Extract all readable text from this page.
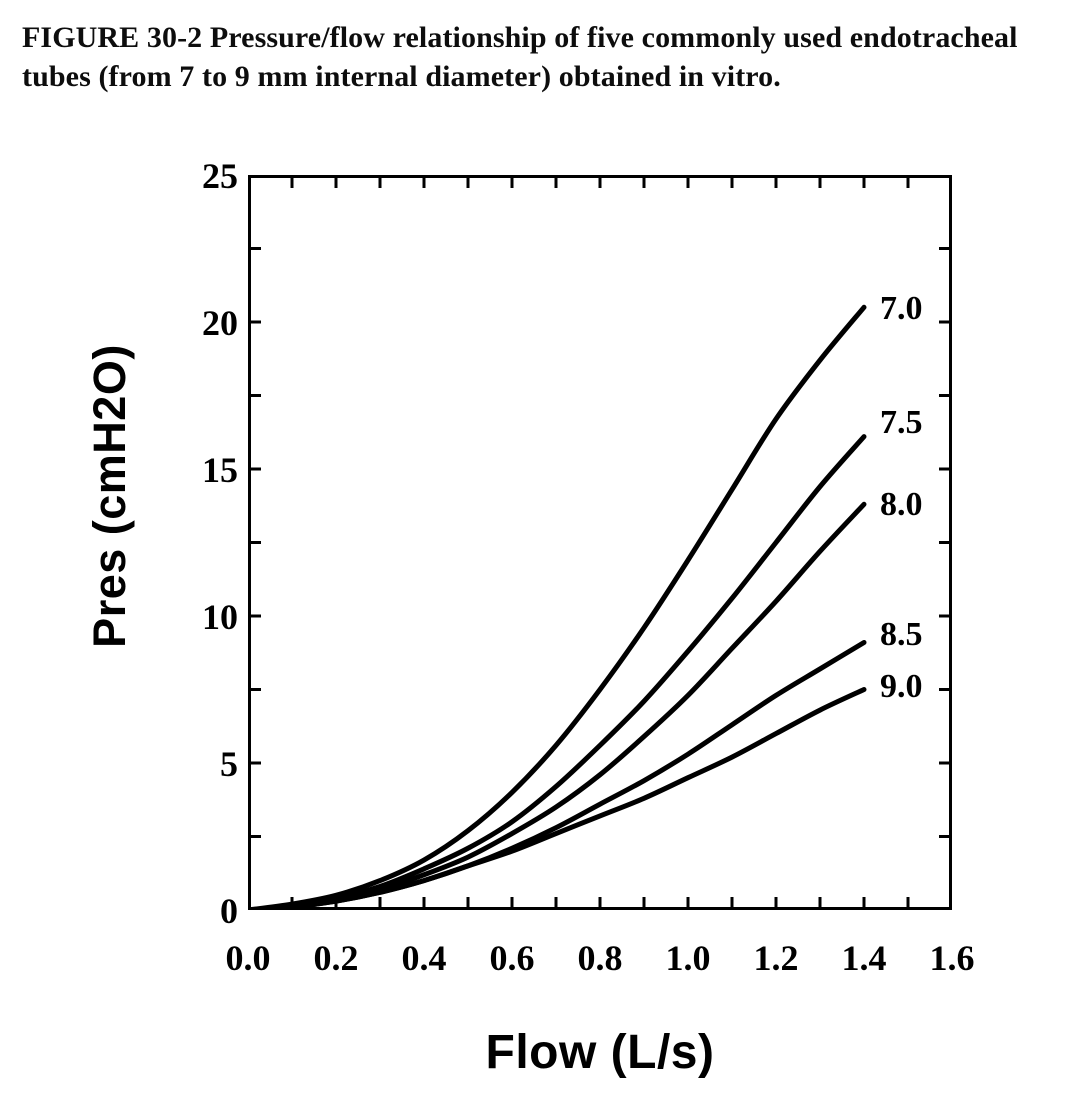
FIGURE 30-2 Pressure/flow relationship of five commonly used endotracheal tubes (from 7 to 9 mm internal diameter) obtained in vitro.
25
20
15
10
5
0
0.0	0.2	0.4	0.6	0.8	1.0	1.2	1.4	1.6
Pres (cmH2O)
Flow (L/s)
7.0
7.5
8.0
8.5
9.0
